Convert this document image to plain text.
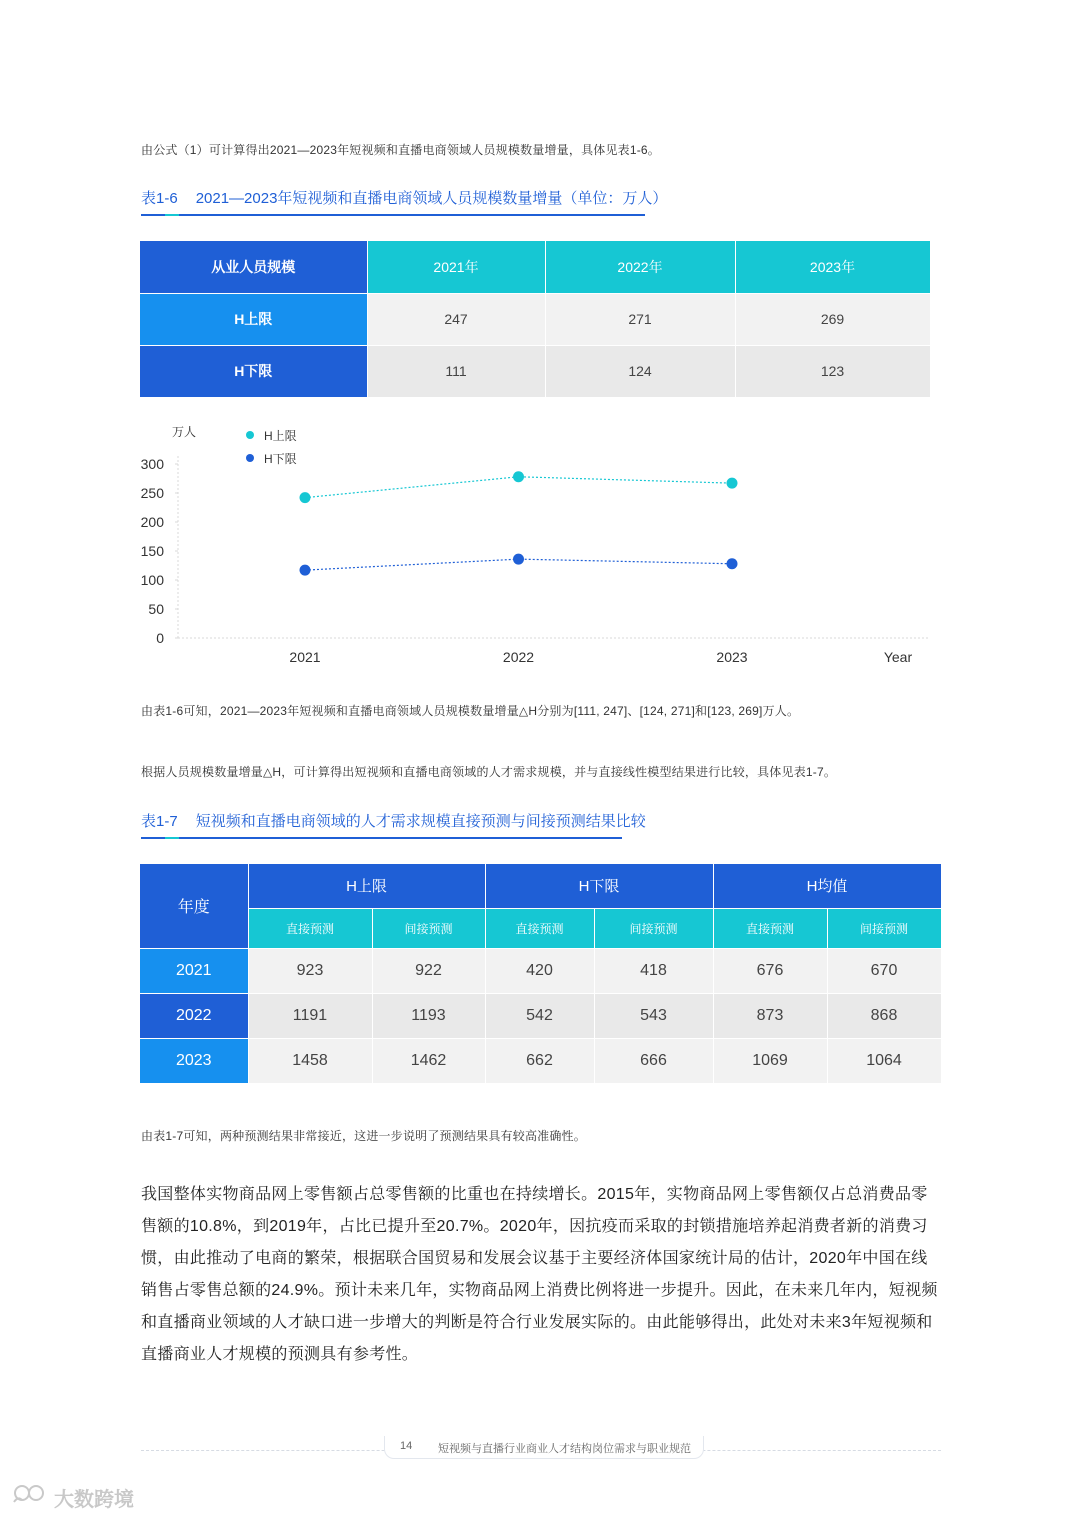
由公式（1）可计算得出2021—2023年短视频和直播电商领域人员规模数量增量，具体见表1-6。
表1-6 2021—2023年短视频和直播电商领域人员规模数量增量（单位：万人）
从业人员规模	2021年	2022年	2023年
H上限	247	271	269
H下限	111	124	123
万人
0
50
100
150
200
250
300
2021	2022	2023	Year
H上限
H下限
由表1-6可知，2021—2023年短视频和直播电商领域人员规模数量增量△H分别为[111, 247]、[124, 271]和[123, 269]万人。
根据人员规模数量增量△H，可计算得出短视频和直播电商领域的人才需求规模，并与直接线性模型结果进行比较，具体见表1-7。
表1-7 短视频和直播电商领域的人才需求规模直接预测与间接预测结果比较
年度	H上限		H下限		H均值	
	直接预测	间接预测	直接预测	间接预测	直接预测	间接预测
2021	923	922	420	418	676	670
2022	1191	1193	542	543	873	868
2023	1458	1462	662	666	1069	1064
由表1-7可知，两种预测结果非常接近，这进一步说明了预测结果具有较高准确性。
我国整体实物商品网上零售额占总零售额的比重也在持续增长。2015年，实物商品网上零售额仅占总消费品零售额的10.8%，到2019年，占比已提升至20.7%。2020年，因抗疫而采取的封锁措施培养起消费者新的消费习惯，由此推动了电商的繁荣，根据联合国贸易和发展会议基于主要经济体国家统计局的估计，2020年中国在线销售占零售总额的24.9%。预计未来几年，实物商品网上消费比例将进一步提升。因此，在未来几年内，短视频和直播商业领域的人才缺口进一步增大的判断是符合行业发展实际的。由此能够得出，此处对未来3年短视频和直播商业人才规模的预测具有参考性。
14 短视频与直播行业商业人才结构岗位需求与职业规范
大数跨境
